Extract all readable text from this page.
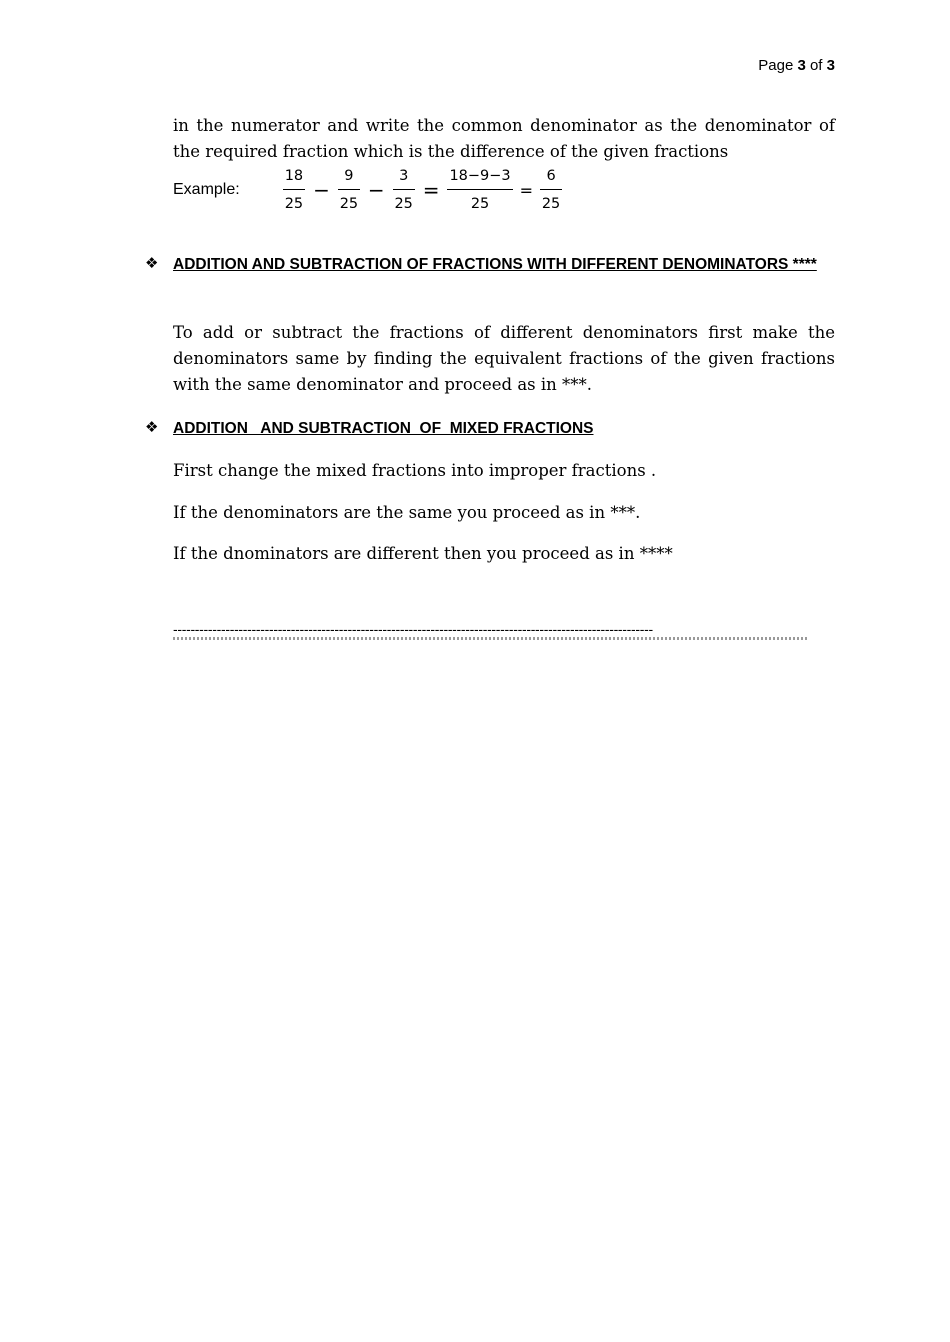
Page 3 of 3
in the numerator and write the common denominator as the denominator of the required fraction which is the difference of the given fractions
Example:	$\frac{18}{25} - \frac{9}{25} - \frac{3}{25} = \frac{18-9-3}{25} = \frac{6}{25}$
❖ ADDITION AND SUBTRACTION OF FRACTIONS WITH DIFFERENT DENOMINATORS ****
To add or subtract the fractions of different denominators first make the denominators same by finding the equivalent fractions of the given fractions with the same denominator and proceed as in ***.
❖ ADDITION   AND SUBTRACTION  OF  MIXED FRACTIONS
First change the mixed fractions into improper fractions .
If the denominators are the same you proceed as in ***.
If the dnominators are different then you proceed as in ****
--------------------------------------------------------------------------------------------------------------
